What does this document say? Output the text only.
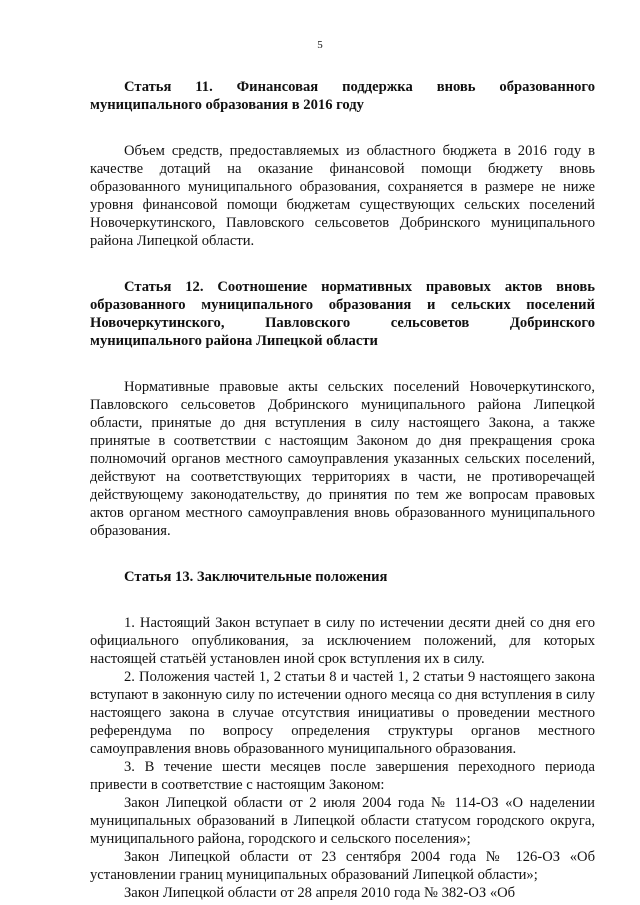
5

Статья 11. Финансовая поддержка вновь образованного муниципального образования в 2016 году

Объем средств, предоставляемых из областного бюджета в 2016 году в качестве дотаций на оказание финансовой помощи бюджету вновь образованного муниципального образования, сохраняется в размере не ниже уровня финансовой помощи бюджетам существующих сельских поселений Новочеркутинского, Павловского сельсоветов Добринского муниципального района Липецкой области.

Статья 12. Соотношение нормативных правовых актов вновь образованного муниципального образования и сельских поселений Новочеркутинского, Павловского сельсоветов Добринского муниципального района Липецкой области

Нормативные правовые акты сельских поселений Новочеркутинского, Павловского сельсоветов Добринского муниципального района Липецкой области, принятые до дня вступления в силу настоящего Закона, а также принятые в соответствии с настоящим Законом до дня прекращения срока полномочий органов местного самоуправления указанных сельских поселений, действуют на соответствующих территориях в части, не противоречащей действующему законодательству, до принятия по тем же вопросам правовых актов органом местного самоуправления вновь образованного муниципального образования.

Статья 13. Заключительные положения

1. Настоящий Закон вступает в силу по истечении десяти дней со дня его официального опубликования, за исключением положений, для которых настоящей статьёй установлен иной срок вступления их в силу.

2. Положения частей 1, 2 статьи 8 и частей 1, 2 статьи 9 настоящего закона вступают в законную силу по истечении одного месяца со дня вступления в силу настоящего закона в случае отсутствия инициативы о проведении местного референдума по вопросу определения структуры органов местного самоуправления вновь образованного муниципального образования.

3. В течение шести месяцев после завершения переходного периода привести в соответствие с настоящим Законом:

Закон Липецкой области от 2 июля 2004 года № 114-ОЗ «О наделении муниципальных образований в Липецкой области статусом городского округа, муниципального района, городского и сельского поселения»;

Закон Липецкой области от 23 сентября 2004 года № 126-ОЗ «Об установлении границ муниципальных образований Липецкой области»;

Закон Липецкой области от 28 апреля 2010 года № 382-ОЗ «Об
